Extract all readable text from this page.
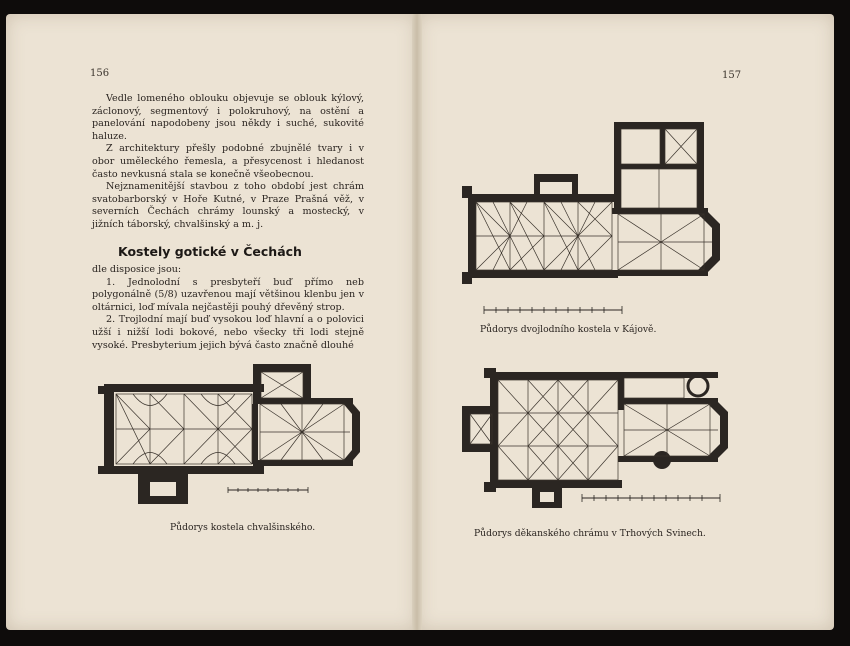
156

Vedle lomeného oblouku objevuje se oblouk kýlový, záclonový, segmentový i polokruhový, na ostění a panelování napodobeny jsou někdy i suché, sukovité haluze.

Z architektury přešly podobné zbujnělé tvary i v obor uměleckého řemesla, a přesycenost i hledanost často nevkusná stala se konečně všeobecnou.

Nejznamenitější stavbou z toho období jest chrám svatobarborský v Hoře Kutné, v Praze Prašná věž, v severních Čechách chrámy lounský a mostecký, v jižních táborský, chvalšinský a m. j.

Kostely gotické v Čechách

dle disposice jsou:

1. Jednolodní s presbyteří buď přímo neb polygonálně (5/8) uzavřenou mají většinou klenbu jen v oltárnici, loď mívala nejčastěji pouhý dřevěný strop.

2. Trojlodní mají buď vysokou loď hlavní a o polovici užší i nižší lodi bokové, nebo všecky tři lodi stejně vysoké. Presbyterium jejich bývá často značně dlouhé

Půdorys kostela chvalšinského.
157
Půdorys dvojlodního kostela v Kájově.
Půdorys děkanského chrámu v Trhových Svinech.
